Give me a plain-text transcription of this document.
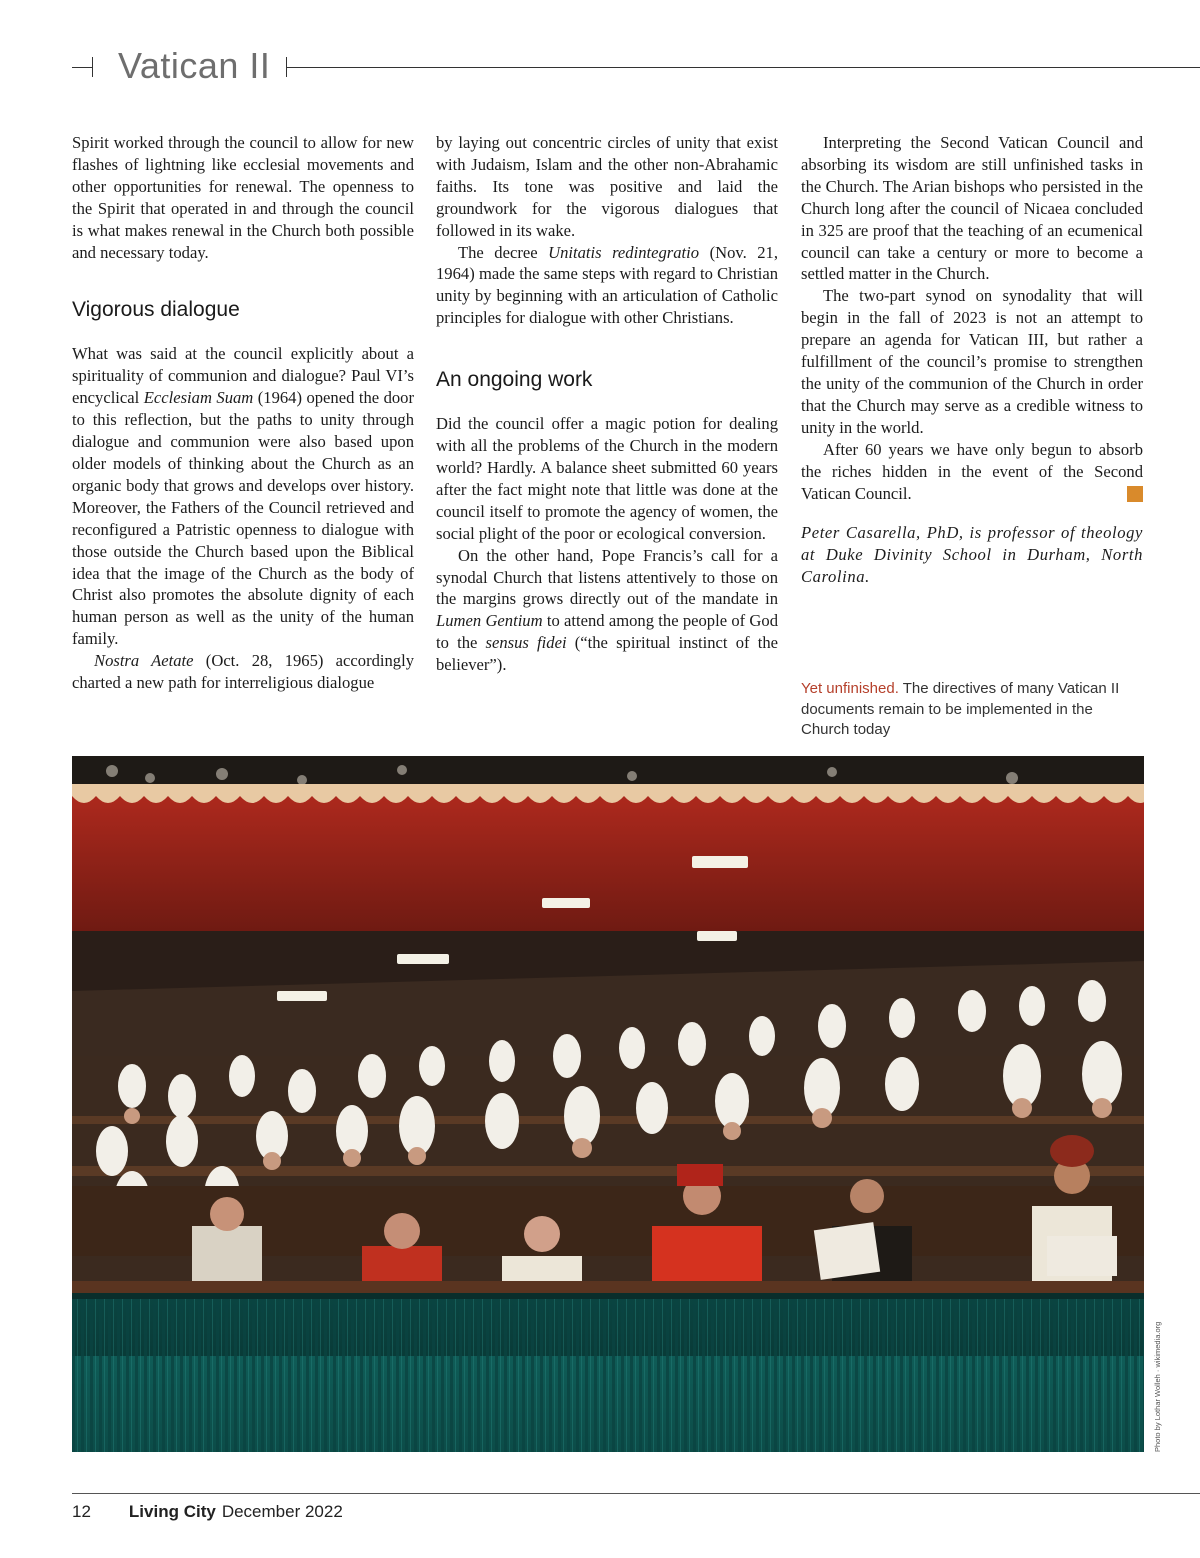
Vatican II

Spirit worked through the council to allow for new flashes of lightning like ecclesial movements and other opportunities for renewal. The openness to the Spirit that operated in and through the council is what makes renewal in the Church both possible and necessary today.

Vigorous dialogue

What was said at the council explicitly about a spirituality of communion and dialogue? Paul VI’s encyclical Ecclesiam Suam (1964) opened the door to this reflection, but the paths to unity through dialogue and communion were also based upon older models of thinking about the Church as an organic body that grows and develops over history. Moreover, the Fathers of the Council retrieved and reconfigured a Patristic openness to dialogue with those outside the Church based upon the Biblical idea that the image of the Church as the body of Christ also promotes the absolute dignity of each human person as well as the unity of the human family.

Nostra Aetate (Oct. 28, 1965) accordingly charted a new path for interreligious dialogue

by laying out concentric circles of unity that exist with Judaism, Islam and the other non-Abrahamic faiths. Its tone was positive and laid the groundwork for the vigorous dialogues that followed in its wake.

The decree Unitatis redintegratio (Nov. 21, 1964) made the same steps with regard to Christian unity by beginning with an articulation of Catholic principles for dialogue with other Christians.

An ongoing work

Did the council offer a magic potion for dealing with all the problems of the Church in the modern world? Hardly. A balance sheet submitted 60 years after the fact might note that little was done at the council itself to promote the agency of women, the social plight of the poor or ecological conversion.

On the other hand, Pope Francis’s call for a synodal Church that listens attentively to those on the margins grows directly out of the mandate in Lumen Gentium to attend among the people of God to the sensus fidei (“the spiritual instinct of the believer”).

Interpreting the Second Vatican Council and absorbing its wisdom are still unfinished tasks in the Church. The Arian bishops who persisted in the Church long after the council of Nicaea concluded in 325 are proof that the teaching of an ecumenical council can take a century or more to become a settled matter in the Church.

The two-part synod on synodality that will begin in the fall of 2023 is not an attempt to prepare an agenda for Vatican III, but rather a fulfillment of the council’s promise to strengthen the unity of the communion of the Church in order that the Church may serve as a credible witness to unity in the world.

After 60 years we have only begun to absorb the riches hidden in the event of the Second Vatican Council.	LC

Peter Casarella, PhD, is professor of theology at Duke Divinity School in Durham, North Carolina.

Yet unfinished. The directives of many Vatican II documents remain to be implemented in the Church today
Photo by Lothar Wolleh · wikimedia.org
12 Living City December 2022
